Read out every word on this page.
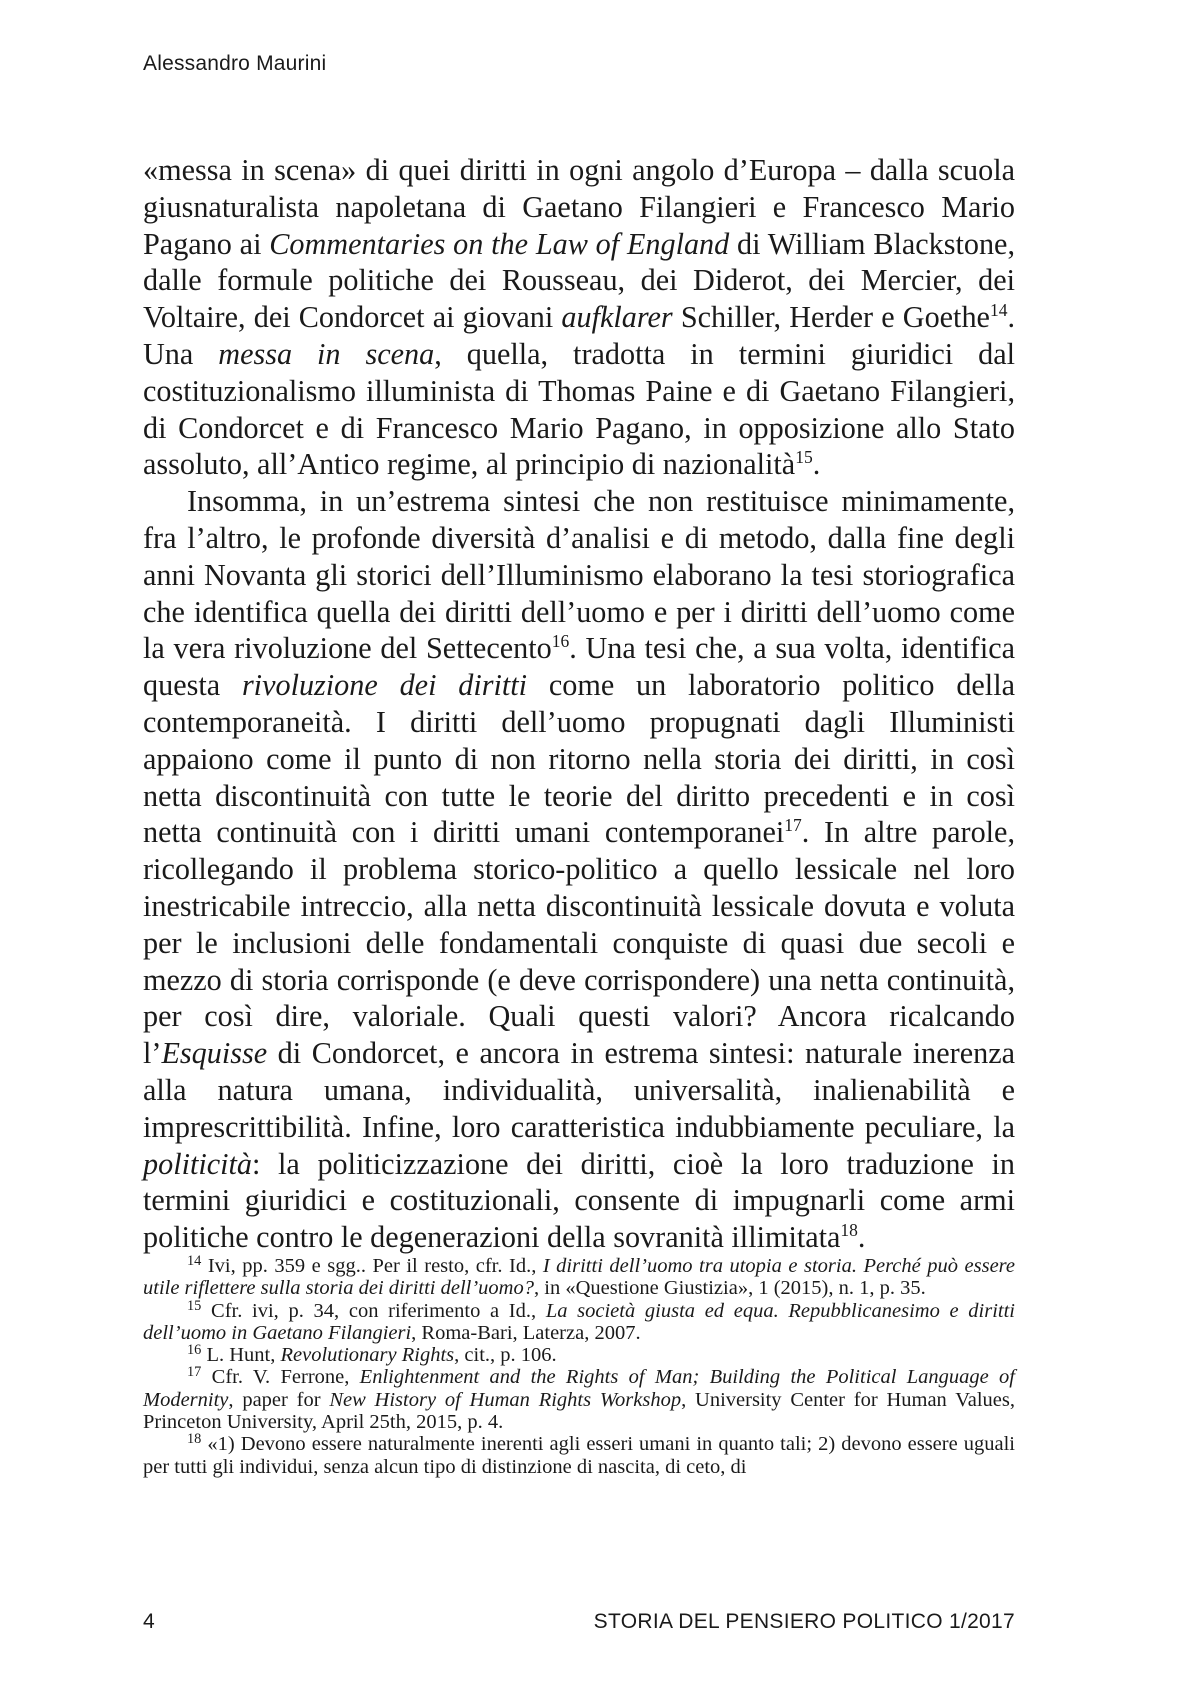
Alessandro Maurini

«messa in scena» di quei diritti in ogni angolo d’Europa – dalla scuola giusnaturalista napoletana di Gaetano Filangieri e Francesco Mario Pagano ai Commentaries on the Law of England di William Blackstone, dalle formule politiche dei Rousseau, dei Diderot, dei Mercier, dei Voltaire, dei Condorcet ai giovani aufklarer Schiller, Herder e Goethe$^{14}$. Una messa in scena, quella, tradotta in termini giuridici dal costituzionalismo illuminista di Thomas Paine e di Gaetano Filangieri, di Condorcet e di Francesco Mario Pagano, in opposizione allo Stato assoluto, all’Antico regime, al principio di nazionalità$^{15}$.

Insomma, in un’estrema sintesi che non restituisce minimamente, fra l’altro, le profonde diversità d’analisi e di metodo, dalla fine degli anni Novanta gli storici dell’Illuminismo elaborano la tesi storiografica che identifica quella dei diritti dell’uomo e per i diritti dell’uomo come la vera rivoluzione del Settecento$^{16}$. Una tesi che, a sua volta, identifica questa rivoluzione dei diritti come un laboratorio politico della contemporaneità. I diritti dell’uomo propugnati dagli Illuministi appaiono come il punto di non ritorno nella storia dei diritti, in così netta discontinuità con tutte le teorie del diritto precedenti e in così netta continuità con i diritti umani contemporanei$^{17}$. In altre parole, ricollegando il problema storico-politico a quello lessicale nel loro inestricabile intreccio, alla netta discontinuità lessicale dovuta e voluta per le inclusioni delle fondamentali conquiste di quasi due secoli e mezzo di storia corrisponde (e deve corrispondere) una netta continuità, per così dire, valoriale. Quali questi valori? Ancora ricalcando l’Esquisse di Condorcet, e ancora in estrema sintesi: naturale inerenza alla natura umana, individualità, universalità, inalienabilità e imprescrittibilità. Infine, loro caratteristica indubbiamente peculiare, la politicità: la politicizzazione dei diritti, cioè la loro traduzione in termini giuridici e costituzionali, consente di impugnarli come armi politiche contro le degenerazioni della sovranità illimitata$^{18}$.

$^{14}$ Ivi, pp. 359 e sgg.. Per il resto, cfr. Id., I diritti dell’uomo tra utopia e storia. Perché può essere utile riflettere sulla storia dei diritti dell’uomo?, in «Questione Giustizia», 1 (2015), n. 1, p. 35.

$^{15}$ Cfr. ivi, p. 34, con riferimento a Id., La società giusta ed equa. Repubblicanesimo e diritti dell’uomo in Gaetano Filangieri, Roma-Bari, Laterza, 2007.

$^{16}$ L. Hunt, Revolutionary Rights, cit., p. 106.

$^{17}$ Cfr. V. Ferrone, Enlightenment and the Rights of Man; Building the Political Language of Modernity, paper for New History of Human Rights Workshop, University Center for Human Values, Princeton University, April 25th, 2015, p. 4.

$^{18}$ «1) Devono essere naturalmente inerenti agli esseri umani in quanto tali; 2) devono essere uguali per tutti gli individui, senza alcun tipo di distinzione di nascita, di ceto, di

4	STORIA DEL PENSIERO POLITICO 1/2017
